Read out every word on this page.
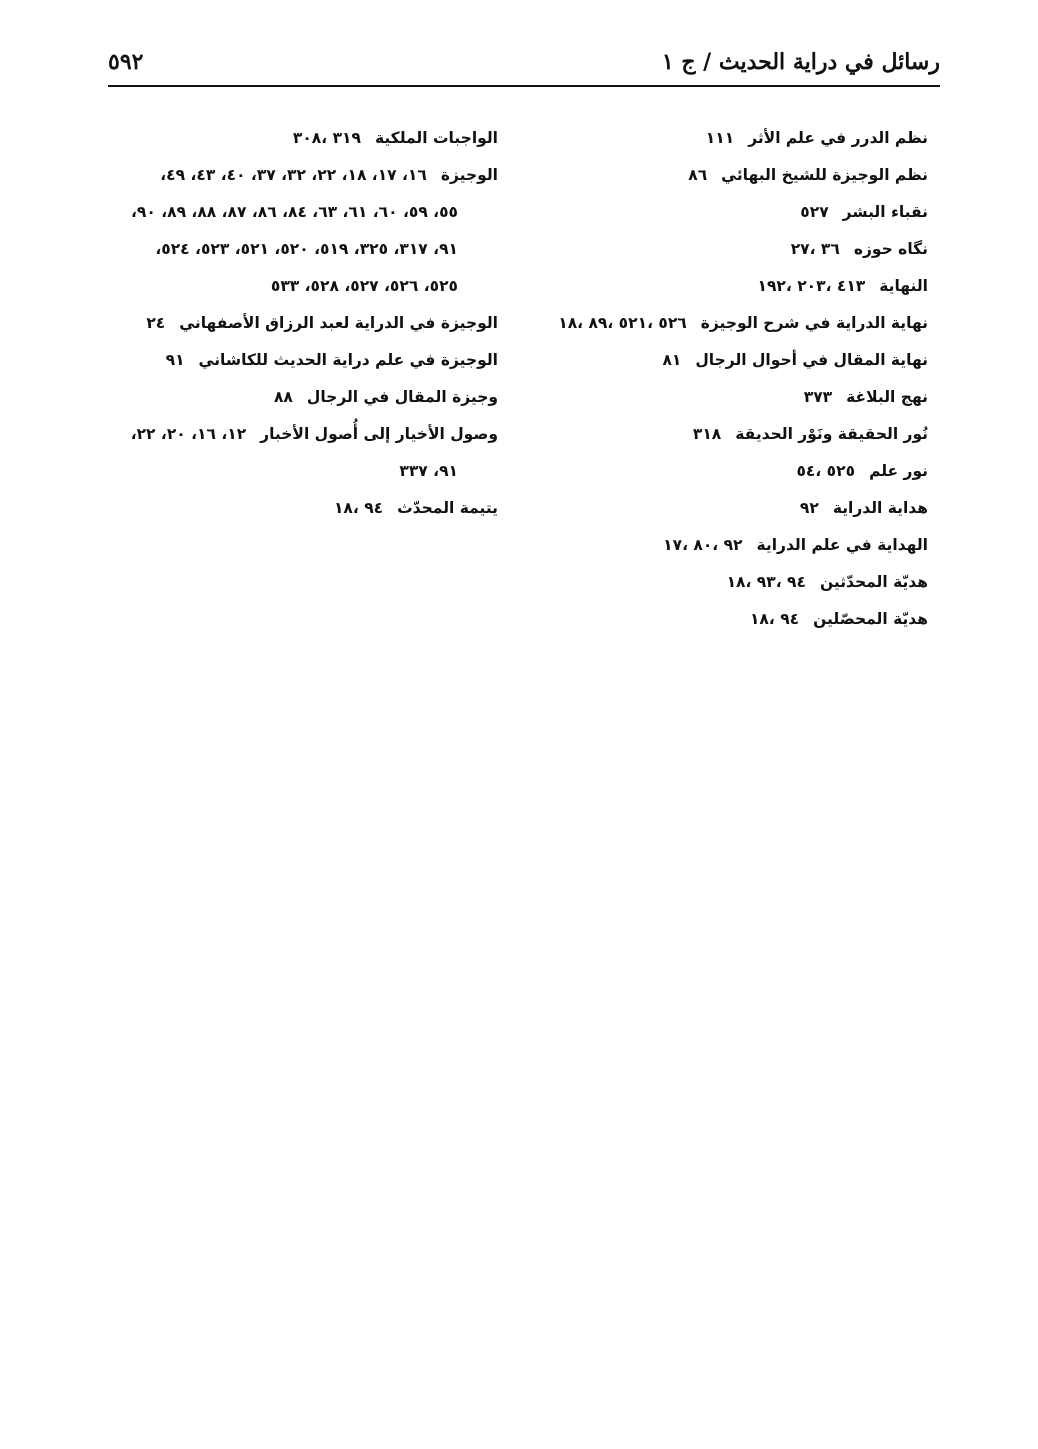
٥٩٢	رسائل في دراية الحديث / ج ١

نظم الدرر في علم الأثر١١١

نظم الوجيزة للشيخ البهائي٨٦

نقباء البشر٥٢٧

نگاه حوزه٣٦ ،٢٧

النهاية٤١٣ ،٢٠٣ ،١٩٢

نهاية الدراية في شرح الوجيزة٥٢٦ ،٥٢١ ،٨٩ ،١٨

نهاية المقال في أحوال الرجال٨١

نهج البلاغة٣٧٣

نُور الحقيقة ونَوْر الحديقة٣١٨

نور علم٥٢٥ ،٥٤

هداية الدراية٩٢

الهداية في علم الدراية٩٢ ،٨٠ ،١٧

هديّة المحدّثين٩٤ ،٩٣ ،١٨

هديّة المحصّلين٩٤ ،١٨

الواجبات الملكية٣١٩ ،٣٠٨

الوجيزة١٦، ١٧، ١٨، ٢٢، ٣٢، ٣٧، ٤٠، ٤٣، ٤٩،

٥٥، ٥٩، ٦٠، ٦١، ٦٣، ٨٤، ٨٦، ٨٧، ٨٨، ٨٩، ٩٠،

٩١، ٣١٧، ٣٢٥، ٥١٩، ٥٢٠، ٥٢١، ٥٢٣، ٥٢٤،

٥٢٥، ٥٢٦، ٥٢٧، ٥٢٨، ٥٣٣

الوجيزة في الدراية لعبد الرزاق الأصفهاني٢٤

الوجيزة في علم دراية الحديث للكاشاني٩١

وجيزة المقال في الرجال٨٨

وصول الأخيار إلى أُصول الأخبار١٢، ١٦، ٢٠، ٢٢،

٩١، ٣٣٧

يتيمة المحدّث٩٤ ،١٨
